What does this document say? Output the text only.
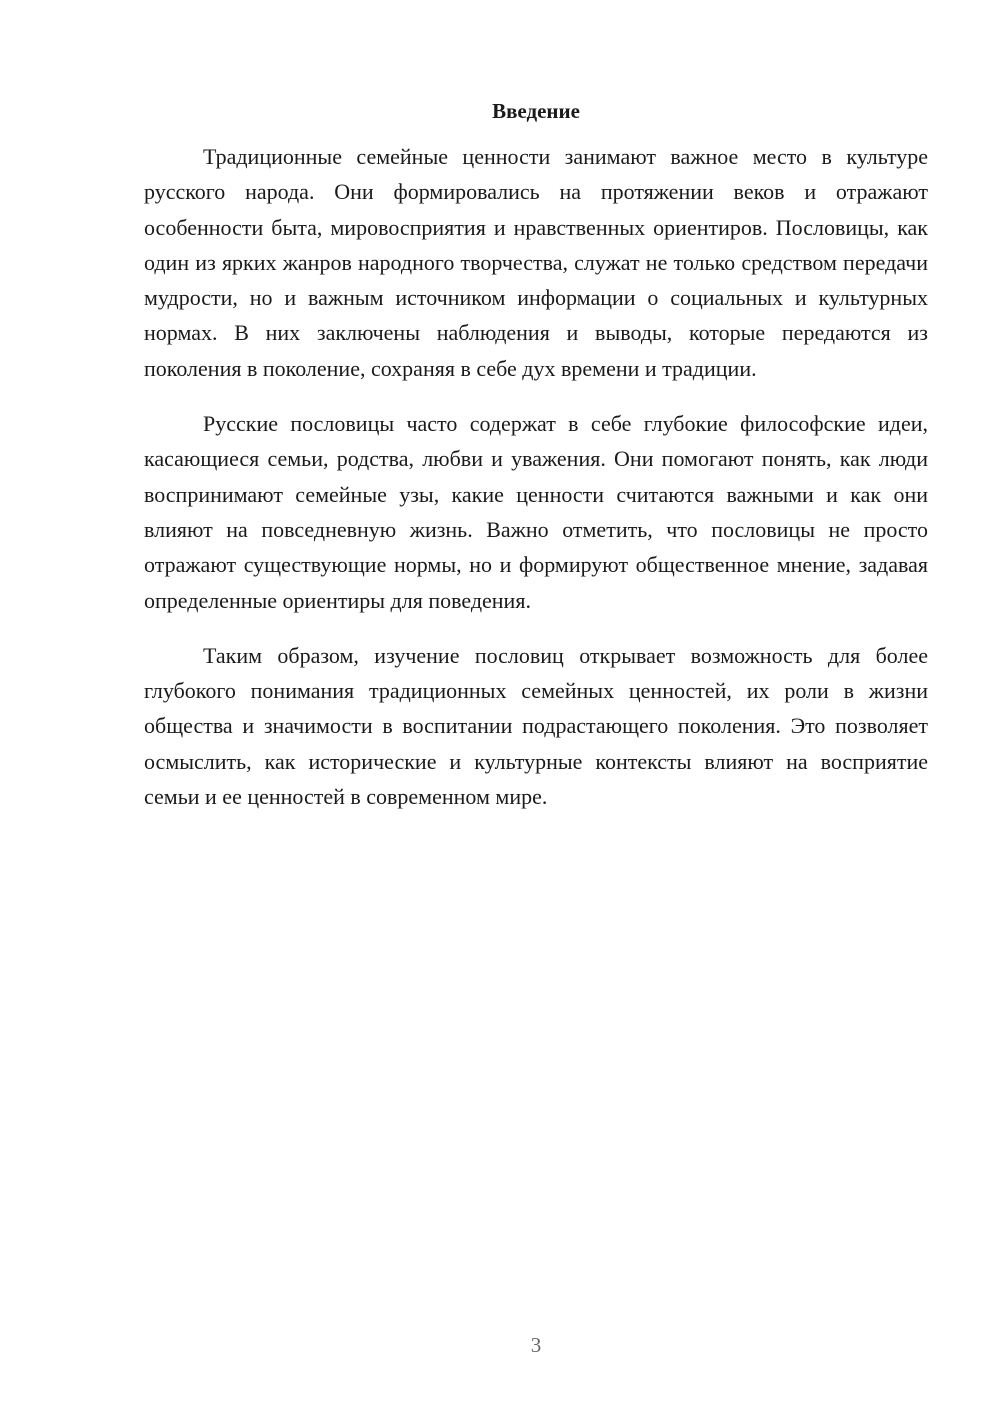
Введение

Традиционные семейные ценности занимают важное место в культуре русского народа. Они формировались на протяжении веков и отражают особенности быта, мировосприятия и нравственных ориентиров. Пословицы, как один из ярких жанров народного творчества, служат не только средством передачи мудрости, но и важным источником информации о социальных и культурных нормах. В них заключены наблюдения и выводы, которые передаются из поколения в поколение, сохраняя в себе дух времени и традиции.

Русские пословицы часто содержат в себе глубокие философские идеи, касающиеся семьи, родства, любви и уважения. Они помогают понять, как люди воспринимают семейные узы, какие ценности считаются важными и как они влияют на повседневную жизнь. Важно отметить, что пословицы не просто отражают существующие нормы, но и формируют общественное мнение, задавая определенные ориентиры для поведения.

Таким образом, изучение пословиц открывает возможность для более глубокого понимания традиционных семейных ценностей, их роли в жизни общества и значимости в воспитании подрастающего поколения. Это позволяет осмыслить, как исторические и культурные контексты влияют на восприятие семьи и ее ценностей в современном мире.

3
